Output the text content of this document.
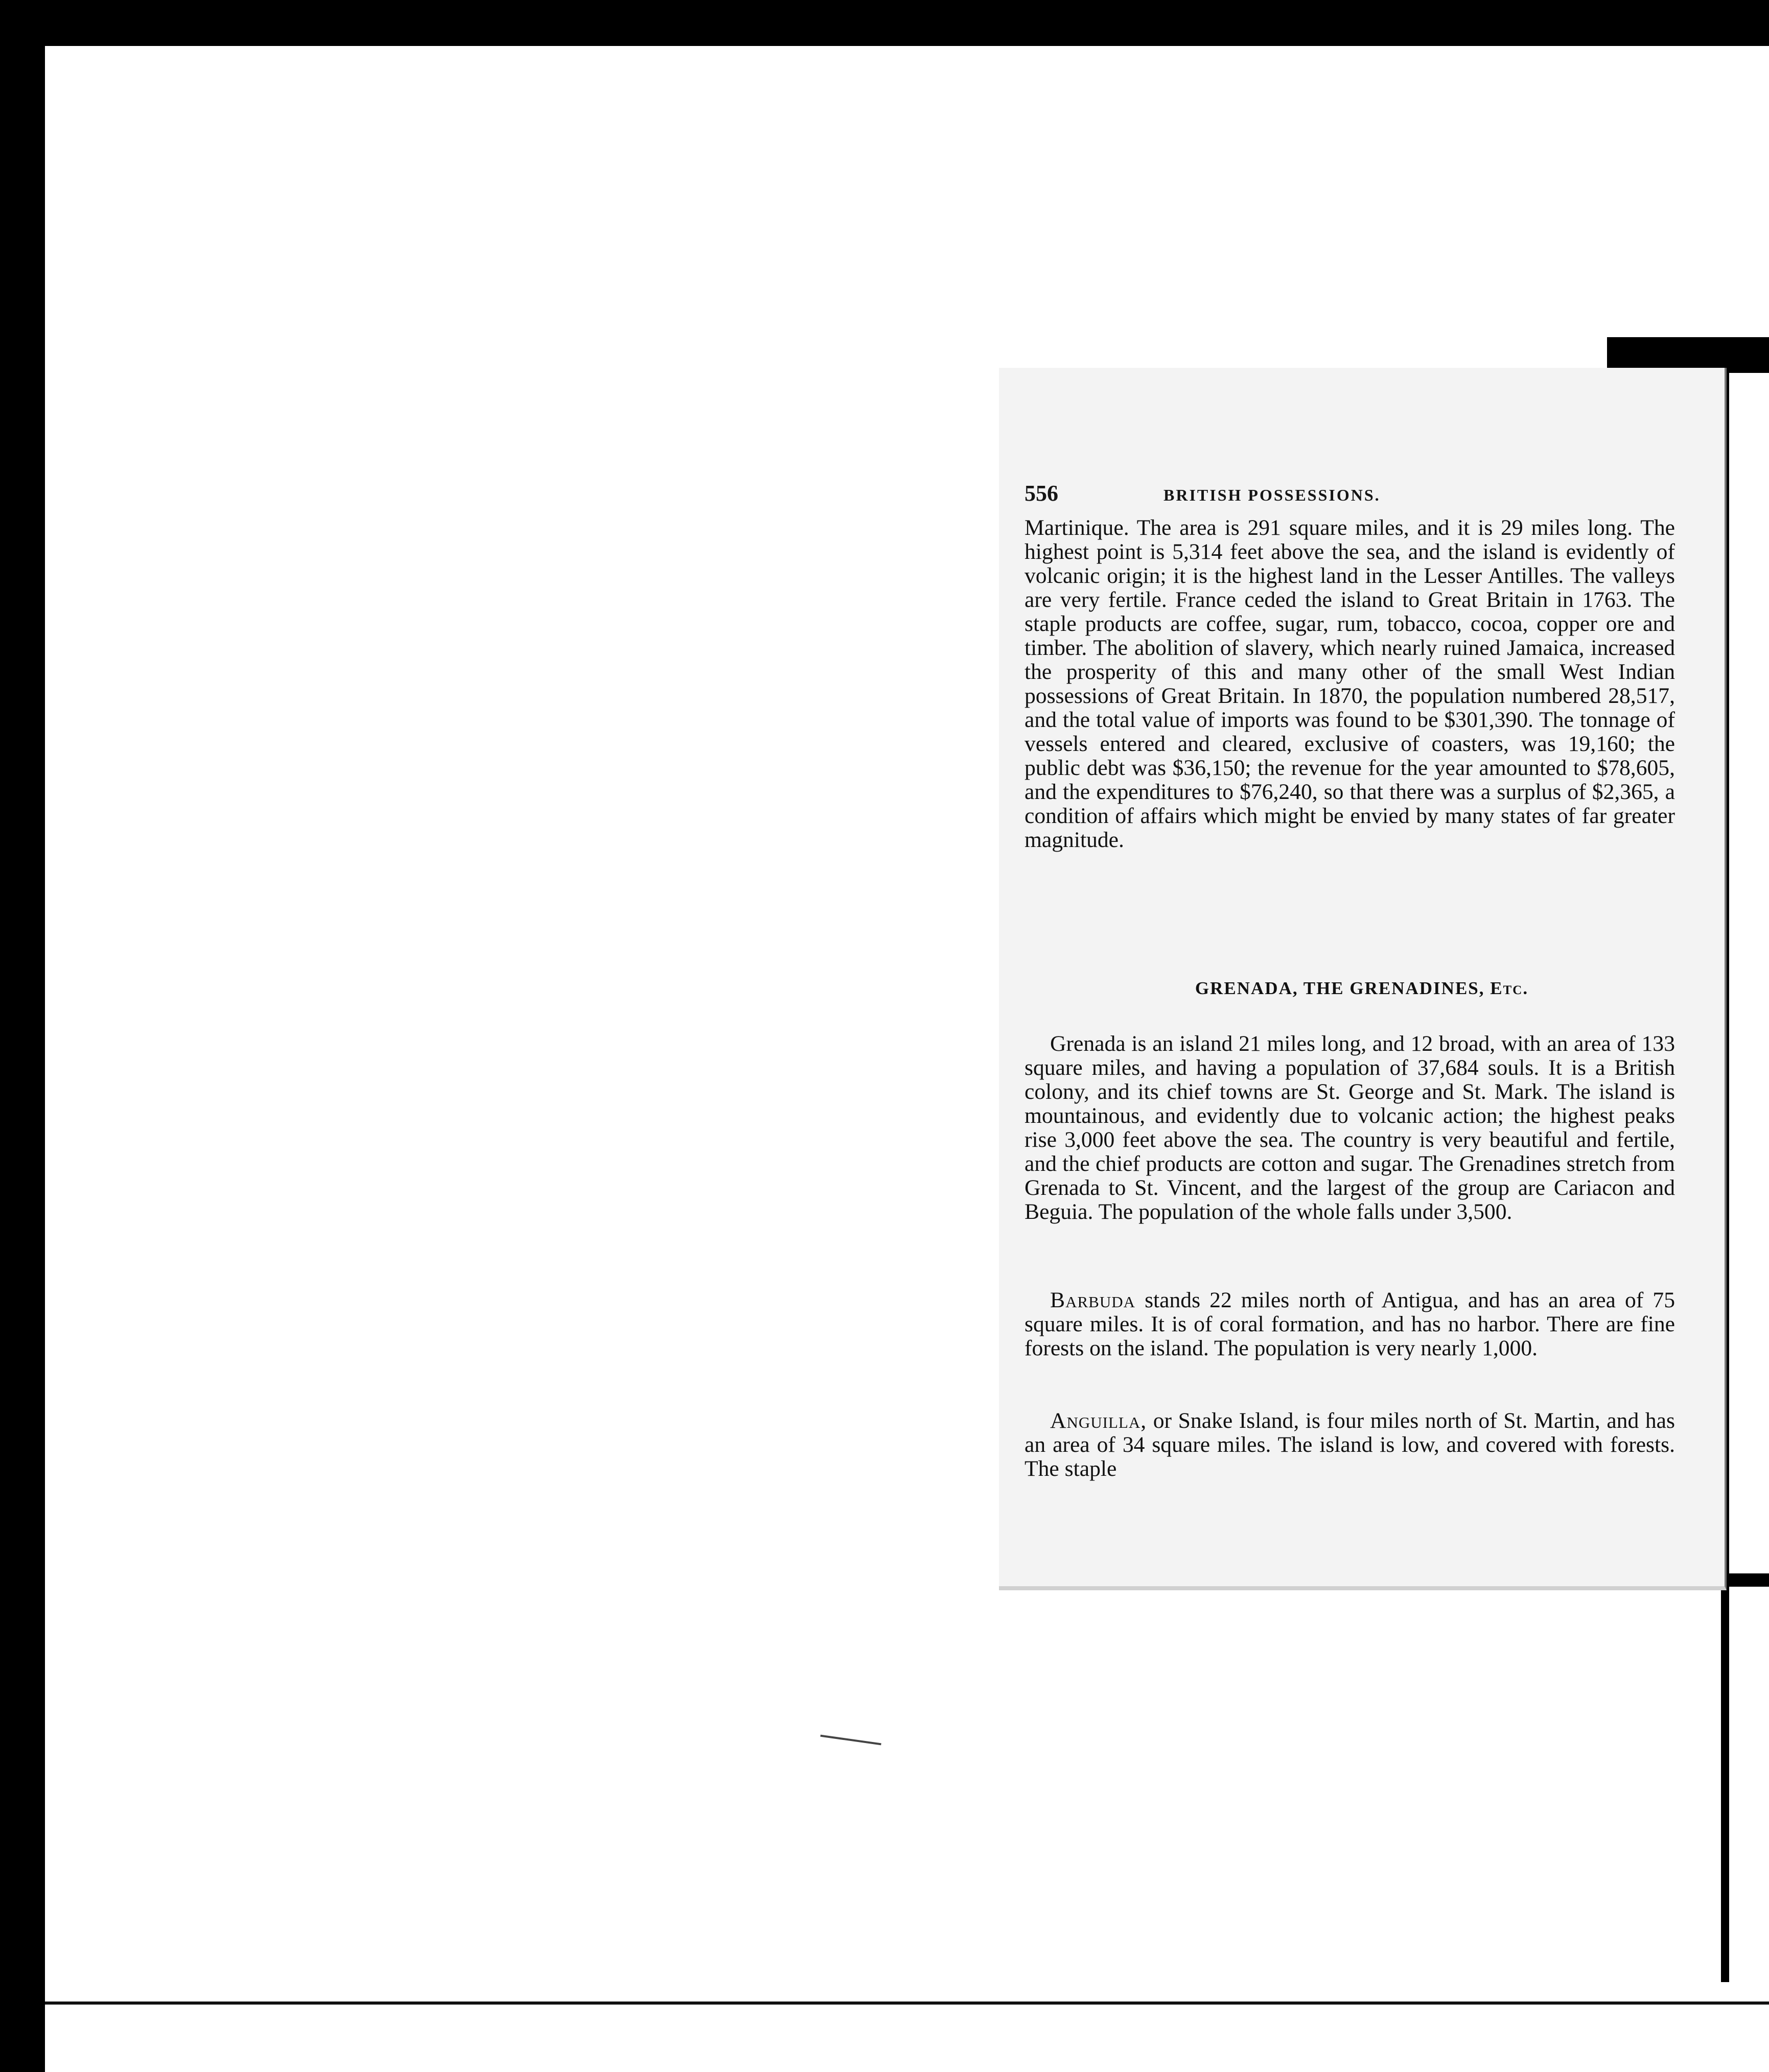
556	BRITISH POSSESSIONS.

Martinique. The area is 291 square miles, and it is 29 miles long. The highest point is 5,314 feet above the sea, and the island is evidently of volcanic origin; it is the highest land in the Lesser Antilles. The valleys are very fertile. France ceded the island to Great Britain in 1763. The staple products are coffee, sugar, rum, tobacco, cocoa, copper ore and timber. The abolition of slavery, which nearly ruined Jamaica, increased the prosperity of this and many other of the small West Indian possessions of Great Britain. In 1870, the population numbered 28,517, and the total value of imports was found to be $301,390. The tonnage of vessels entered and cleared, exclusive of coasters, was 19,160; the public debt was $36,150; the revenue for the year amounted to $78,605, and the expenditures to $76,240, so that there was a surplus of $2,365, a condition of affairs which might be envied by many states of far greater magnitude.

GRENADA, THE GRENADINES, Etc.

Grenada is an island 21 miles long, and 12 broad, with an area of 133 square miles, and having a population of 37,684 souls. It is a British colony, and its chief towns are St. George and St. Mark. The island is mountainous, and evidently due to volcanic action; the highest peaks rise 3,000 feet above the sea. The country is very beautiful and fertile, and the chief products are cotton and sugar. The Grenadines stretch from Grenada to St. Vincent, and the largest of the group are Cariacon and Beguia. The population of the whole falls under 3,500.

Barbuda stands 22 miles north of Antigua, and has an area of 75 square miles. It is of coral formation, and has no harbor. There are fine forests on the island. The population is very nearly 1,000.

Anguilla, or Snake Island, is four miles north of St. Martin, and has an area of 34 square miles. The island is low, and covered with forests. The staple
